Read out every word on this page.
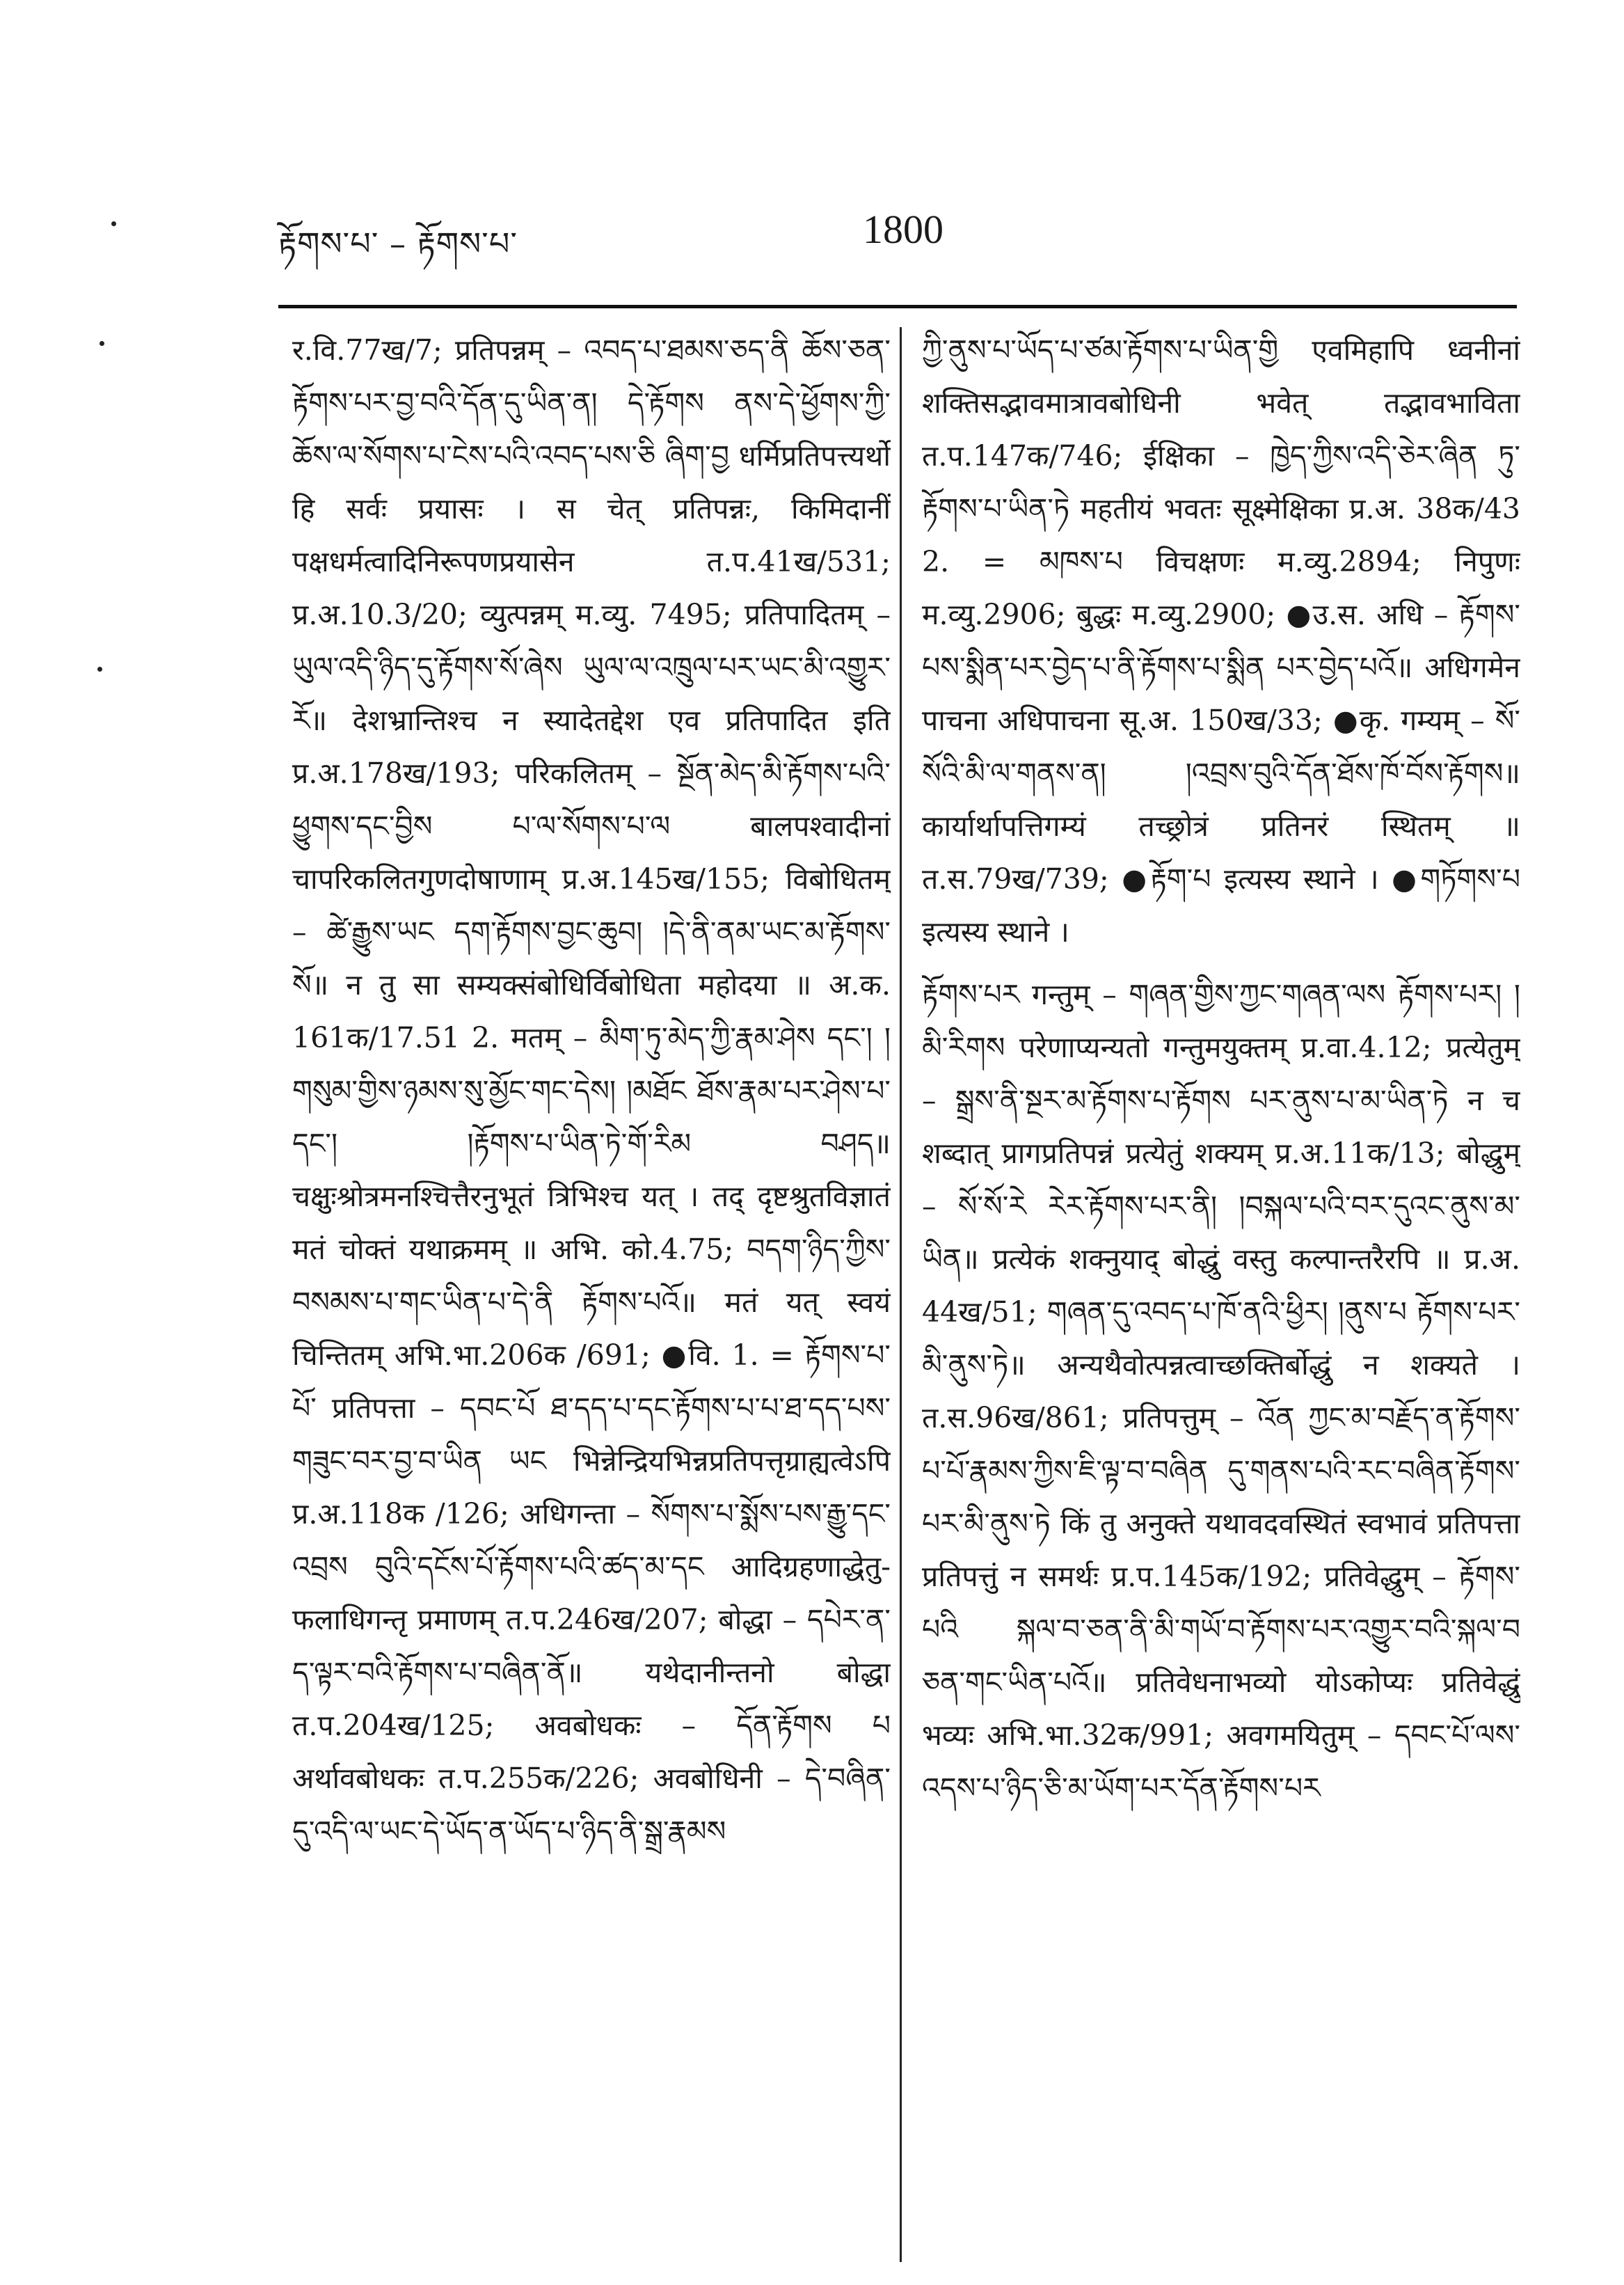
རྟོགས་པ་ – རྟོགས་པ་	1800

र.वि.77ख/7; प्रतिपन्नम् – འབད་པ་ཐམས་ཅད་ནི ཆོས་ཅན་རྟོགས་པར་བྱ་བའི་དོན་དུ་ཡིན་ན། དེ་རྟོགས ནས་དེ་ཕྱོགས་ཀྱི་ཆོས་ལ་སོགས་པ་ངེས་པའི་འབད་པས་ཅི ཞིག་བྱ धर्मिप्रतिपत्त्यर्थो हि सर्वः प्रयासः । स चेत् प्रतिपन्नः, किमिदानीं पक्षधर्मत्वादिनिरूपणप्रयासेन त.प.41ख/531; प्र.अ.10.3/20; व्युत्पन्नम् म.व्यु. 7495; प्रतिपादितम् – ཡུལ་འདི་ཉིད་དུ་རྟོགས་སོ་ཞེས ཡུལ་ལ་འཁྲུལ་པར་ཡང་མི་འགྱུར་རོ॥ देशभ्रान्तिश्च न स्यादेतद्देश एव प्रतिपादित इति प्र.अ.178ख/193; परिकलितम् – སྔོན་མེད་མི་རྟོགས་པའི་ཕྱུགས་དང་བྱིས པ་ལ་སོགས་པ་ལ बालपश्वादीनां चापरिकलितगुणदोषाणाम् प्र.अ.145ख/155; विबोधितम् – ཚེ་རྒྱུས་ཡང དག་རྟོགས་བྱང་ཆུབ། །དེ་ནི་ནམ་ཡང་མ་རྟོགས་སོ॥ न तु सा सम्यक्संबोधिर्विबोधिता महोदया ॥ अ.क. 161क/17.51 2. मतम् – མིག་ཏུ་མེད་ཀྱི་རྣམ་ཤེས དང་། །གསུམ་གྱིས་ཉམས་སུ་མྱོང་གང་དེས། །མཐོང ཐོས་རྣམ་པར་ཤེས་པ་དང་། །རྟོགས་པ་ཡིན་ཏེ་གོ་རིམ བཤད॥ चक्षुःश्रोत्रमनश्चित्तैरनुभूतं त्रिभिश्च यत् । तद् दृष्टश्रुतविज्ञातं मतं चोक्तं यथाक्रमम् ॥ अभि. को.4.75; བདག་ཉིད་ཀྱིས་བསམས་པ་གང་ཡིན་པ་དེ་ནི རྟོགས་པའོ॥ मतं यत् स्वयं चिन्तितम् अभि.भा.206क /691; ●वि. 1. = རྟོགས་པ་པོ་ प्रतिपत्ता – དབང་པོ ཐ་དད་པ་དང་རྟོགས་པ་པ་ཐ་དད་པས་གཟུང་བར་བྱ་བ་ཡིན ཡང भिन्नेन्द्रियभिन्नप्रतिपत्तृग्राह्यत्वेऽपि प्र.अ.118क /126; अधिगन्ता – སོགས་པ་སྨོས་པས་རྒྱུ་དང་འབྲས བུའི་དངོས་པོ་རྟོགས་པའི་ཚད་མ་དང आदिग्रहणाद्धेतु-फलाधिगन्तृ प्रमाणम् त.प.246ख/207; बोद्धा – དཔེར་ན་ད་ལྟར་བའི་རྟོགས་པ་བཞིན་ནོ॥ यथेदानीन्तनो बोद्धा त.प.204ख/125; अवबोधकः – དོན་རྟོགས པ अर्थावबोधकः त.प.255क/226; अवबोधिनी – དེ་བཞིན་དུ་འདི་ལ་ཡང་དེ་ཡོད་ན་ཡོད་པ་ཉིད་ནི་སྒྲ་རྣམས

ཀྱི་ནུས་པ་ཡོད་པ་ཙམ་རྟོགས་པ་ཡིན་གྱི एवमिहापि ध्वनीनां शक्तिसद्भावमात्रावबोधिनी भवेत् तद्भावभाविता त.प.147क/746; ईक्षिका – ཁྱེད་ཀྱིས་འདི་ཅེར་ཞིན ཏུ་རྟོགས་པ་ཡིན་ཏེ महतीयं भवतः सूक्ष्मेक्षिका प्र.अ. 38क/43 2. = མཁས་པ विचक्षणः म.व्यु.2894; निपुणः म.व्यु.2906; बुद्धः म.व्यु.2900; ●उ.स. अधि – རྟོགས་པས་སྨིན་པར་བྱེད་པ་ནི་རྟོགས་པ་སྨིན པར་བྱེད་པའོ॥ अधिगमेन पाचना अधिपाचना सू.अ. 150ख/33; ●कृ. गम्यम् – སོ་སོའི་མི་ལ་གནས་ན། །འབྲས་བུའི་དོན་ཐོས་ཁོ་བོས་རྟོགས॥ कार्यार्थापत्तिगम्यं तच्छ्रोत्रं प्रतिनरं स्थितम् ॥ त.स.79ख/739; ●རྟོག་པ इत्यस्य स्थाने । ●གཏོགས་པ इत्यस्य स्थाने ।

རྟོགས་པར गन्तुम् – གཞན་གྱིས་ཀྱང་གཞན་ལས རྟོགས་པར། །མི་རིགས परेणाप्यन्यतो गन्तुमयुक्तम् प्र.वा.4.12; प्रत्येतुम् – སྒྲས་ནི་སྔར་མ་རྟོགས་པ་རྟོགས པར་ནུས་པ་མ་ཡིན་ཏེ न च शब्दात् प्रागप्रतिपन्नं प्रत्येतुं शक्यम् प्र.अ.11क/13; बोद्धुम् – སོ་སོ་རེ རེར་རྟོགས་པར་ནི། །བསྐལ་པའི་བར་དུའང་ནུས་མ་ཡིན॥ प्रत्येकं शक्नुयाद् बोद्धुं वस्तु कल्पान्तरैरपि ॥ प्र.अ. 44ख/51; གཞན་དུ་འབད་པ་ཁོ་ནའི་ཕྱིར། །ནུས་པ རྟོགས་པར་མི་ནུས་ཏེ॥ अन्यथैवोत्पन्नत्वाच्छक्तिर्बोद्धुं न शक्यते । त.स.96ख/861; प्रतिपत्तुम् – འོན ཀྱང་མ་བརྗོད་ན་རྟོགས་པ་པོ་རྣམས་ཀྱིས་ཇི་ལྟ་བ་བཞིན དུ་གནས་པའི་རང་བཞིན་རྟོགས་པར་མི་ནུས་ཏེ किं तु अनुक्ते यथावदवस्थितं स्वभावं प्रतिपत्ता प्रतिपत्तुं न समर्थः प्र.प.145क/192; प्रतिवेद्धुम् – རྟོགས་པའི སྐལ་བ་ཅན་ནི་མི་གཡོ་བ་རྟོགས་པར་འགྱུར་བའི་སྐལ་བ ཅན་གང་ཡིན་པའོ॥ प्रतिवेधनाभव्यो योऽकोप्यः प्रतिवेद्धुं भव्यः अभि.भा.32क/991; अवगमयितुम् – དབང་པོ་ལས་འདས་པ་ཉིད་ཅི་མ་ཡོག་པར་དོན་རྟོགས་པར
